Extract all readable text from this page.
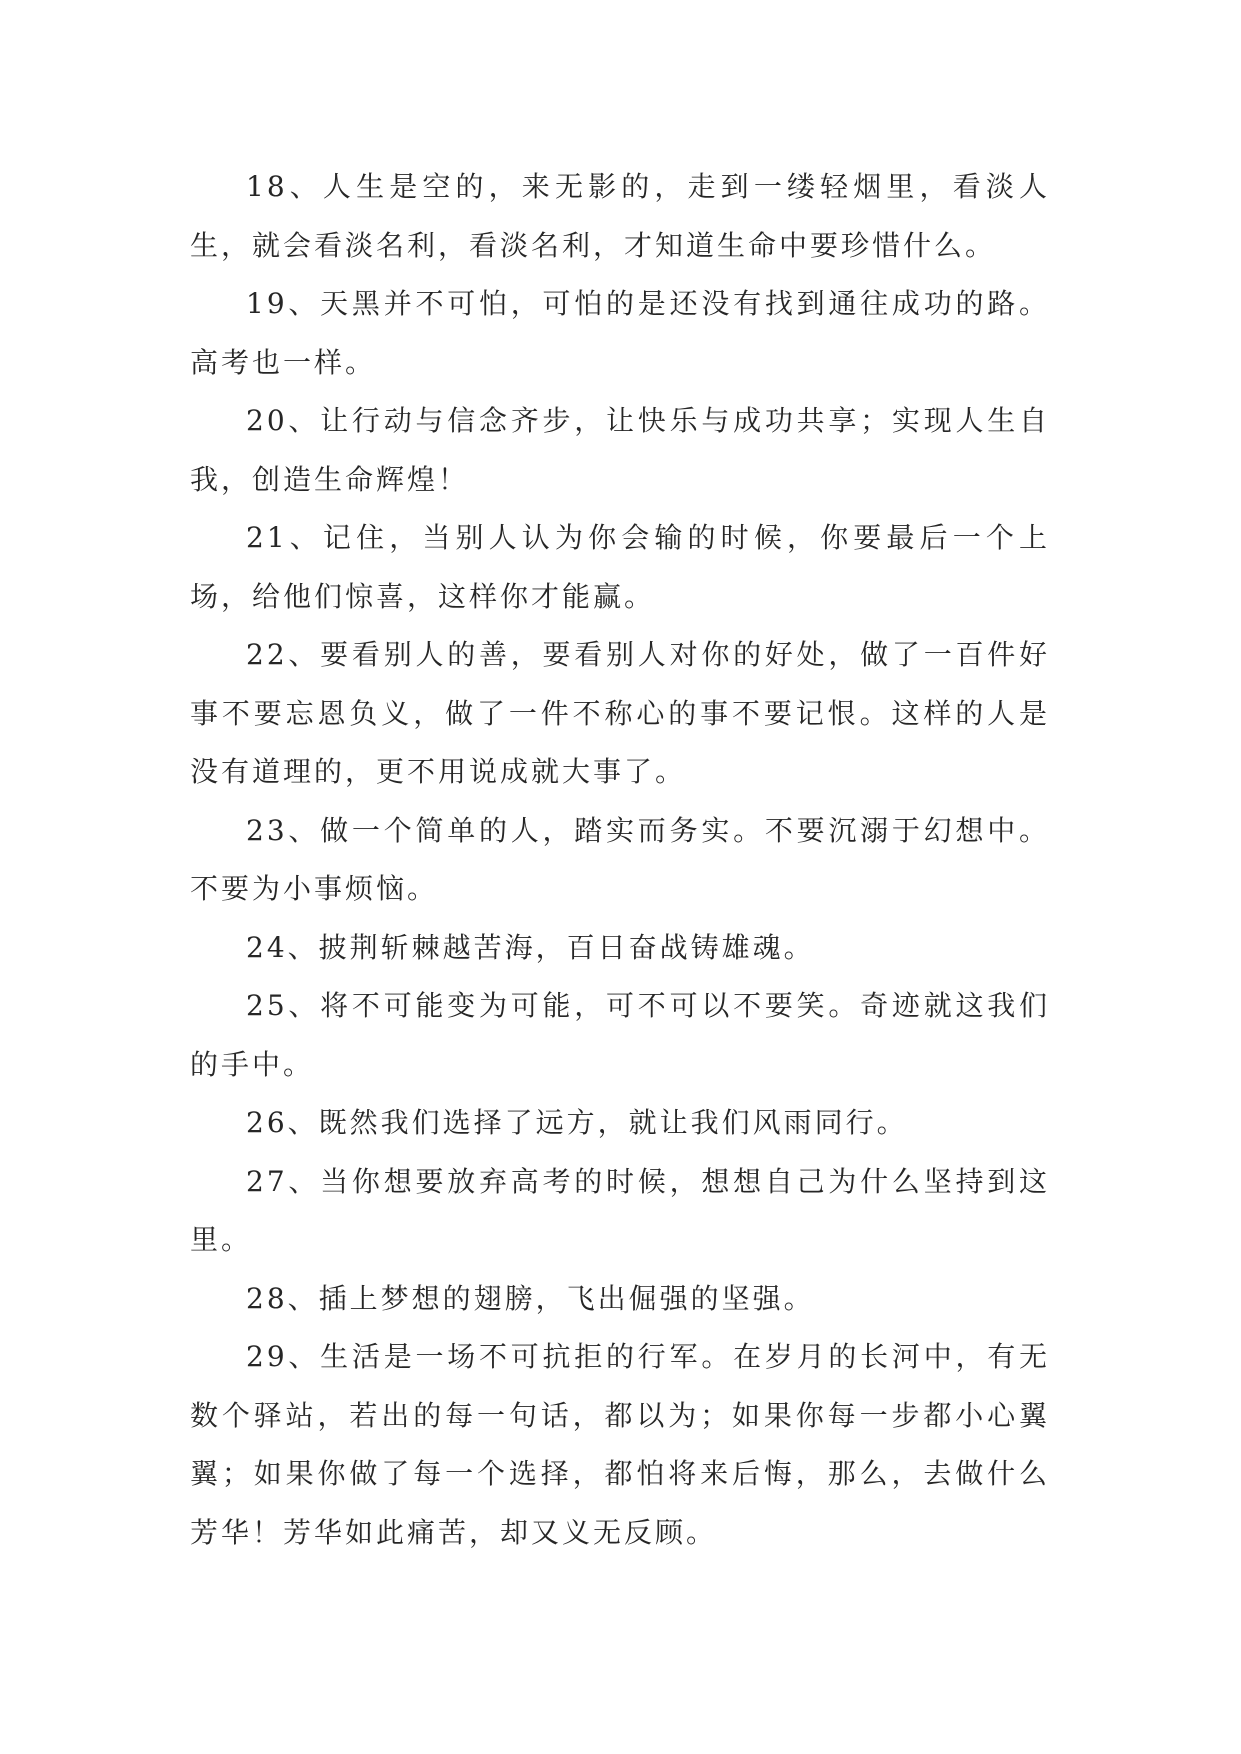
18、人生是空的，来无影的，走到一缕轻烟里，看淡人生，就会看淡名利，看淡名利，才知道生命中要珍惜什么。

19、天黑并不可怕，可怕的是还没有找到通往成功的路。高考也一样。

20、让行动与信念齐步，让快乐与成功共享；实现人生自我，创造生命辉煌！

21、记住，当别人认为你会输的时候，你要最后一个上场，给他们惊喜，这样你才能赢。

22、要看别人的善，要看别人对你的好处，做了一百件好事不要忘恩负义，做了一件不称心的事不要记恨。这样的人是没有道理的，更不用说成就大事了。

23、做一个简单的人，踏实而务实。不要沉溺于幻想中。不要为小事烦恼。

24、披荆斩棘越苦海，百日奋战铸雄魂。

25、将不可能变为可能，可不可以不要笑。奇迹就这我们的手中。

26、既然我们选择了远方，就让我们风雨同行。

27、当你想要放弃高考的时候，想想自己为什么坚持到这里。

28、插上梦想的翅膀，飞出倔强的坚强。

29、生活是一场不可抗拒的行军。在岁月的长河中，有无数个驿站，若出的每一句话，都以为；如果你每一步都小心翼翼；如果你做了每一个选择，都怕将来后悔，那么，去做什么芳华！芳华如此痛苦，却又义无反顾。
